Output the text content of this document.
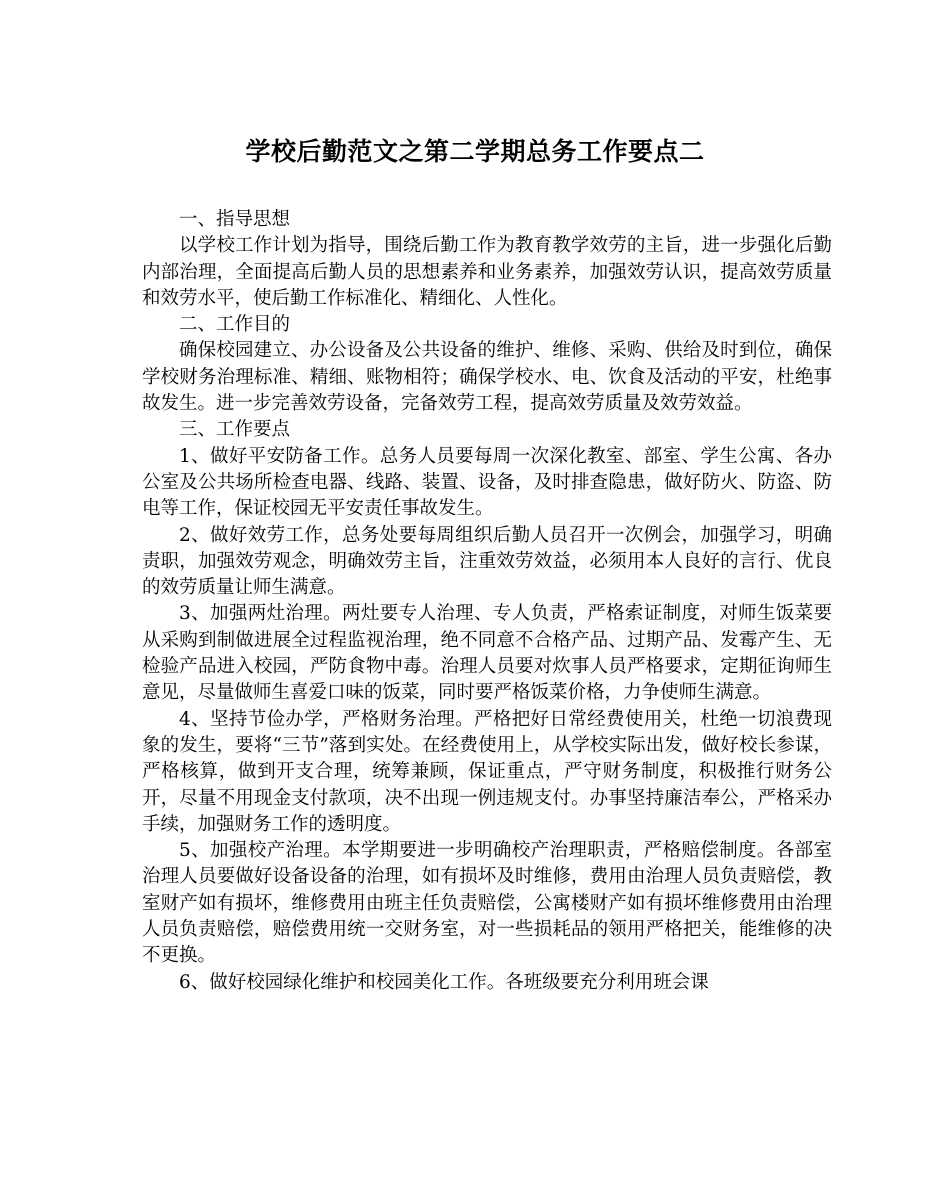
学校后勤范文之第二学期总务工作要点二

一、指导思想

以学校工作计划为指导，围绕后勤工作为教育教学效劳的主旨，进一步强化后勤内部治理，全面提高后勤人员的思想素养和业务素养，加强效劳认识，提高效劳质量和效劳水平，使后勤工作标准化、精细化、人性化。

二、工作目的

确保校园建立、办公设备及公共设备的维护、维修、采购、供给及时到位，确保学校财务治理标准、精细、账物相符；确保学校水、电、饮食及活动的平安，杜绝事故发生。进一步完善效劳设备，完备效劳工程，提高效劳质量及效劳效益。

三、工作要点

1、做好平安防备工作。总务人员要每周一次深化教室、部室、学生公寓、各办公室及公共场所检查电器、线路、装置、设备，及时排查隐患，做好防火、防盗、防电等工作，保证校园无平安责任事故发生。

2、做好效劳工作，总务处要每周组织后勤人员召开一次例会，加强学习，明确责职，加强效劳观念，明确效劳主旨，注重效劳效益，必须用本人良好的言行、优良的效劳质量让师生满意。

3、加强两灶治理。两灶要专人治理、专人负责，严格索证制度，对师生饭菜要从采购到制做进展全过程监视治理，绝不同意不合格产品、过期产品、发霉产生、无检验产品进入校园，严防食物中毒。治理人员要对炊事人员严格要求，定期征询师生意见，尽量做师生喜爱口味的饭菜，同时要严格饭菜价格，力争使师生满意。

4、坚持节俭办学，严格财务治理。严格把好日常经费使用关，杜绝一切浪费现象的发生，要将“三节”落到实处。在经费使用上，从学校实际出发，做好校长参谋，严格核算，做到开支合理，统筹兼顾，保证重点，严守财务制度，积极推行财务公开，尽量不用现金支付款项，决不出现一例违规支付。办事坚持廉洁奉公，严格采办手续，加强财务工作的透明度。

5、加强校产治理。本学期要进一步明确校产治理职责，严格赔偿制度。各部室治理人员要做好设备设备的治理，如有损坏及时维修，费用由治理人员负责赔偿，教室财产如有损坏，维修费用由班主任负责赔偿，公寓楼财产如有损坏维修费用由治理人员负责赔偿，赔偿费用统一交财务室，对一些损耗品的领用严格把关，能维修的决不更换。

6、做好校园绿化维护和校园美化工作。各班级要充分利用班会课
